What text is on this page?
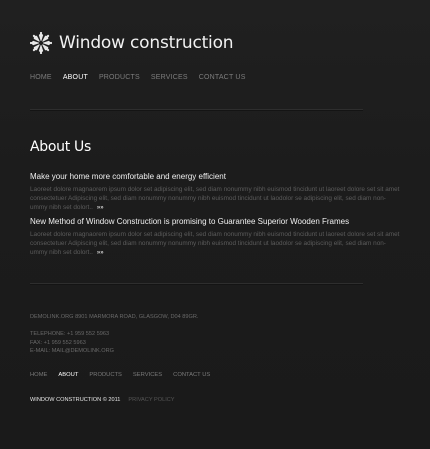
Window construction
HOME ABOUT PRODUCTS SERVICES CONTACT US
About Us

Make your home more comfortable and energy efficient

Laoreet dolore magnaorem ipsum dolor set adipiscing elit, sed diam nonummy nibh euismod tincidunt ut laoreet dolore set sit amet consectetuer Adipiscing elit, sed diam nonummy nonummy nibh euismod tincidunt ut laodolor se adipiscing elit, sed diam non-ummy nibh set dolort.. »»

New Method of Window Construction is promising to Guarantee Superior Wooden Frames

Laoreet dolore magnaorem ipsum dolor set adipiscing elit, sed diam nonummy nibh euismod tincidunt ut laoreet dolore set sit amet consectetuer Adipiscing elit, sed diam nonummy nonummy nibh euismod tincidunt ut laodolor se adipiscing elit, sed diam non-ummy nibh set dolort.. »»

DEMOLINK.ORG 8901 MARMORA ROAD, GLASGOW, D04 89GR.
TELEPHONE: +1 959 552 5963
FAX: +1 959 552 5963
E-MAIL: MAIL@DEMOLINK.ORG
HOME ABOUT PRODUCTS SERVICES CONTACT US
WINDOW CONSTRUCTION © 2011 PRIVACY POLICY
